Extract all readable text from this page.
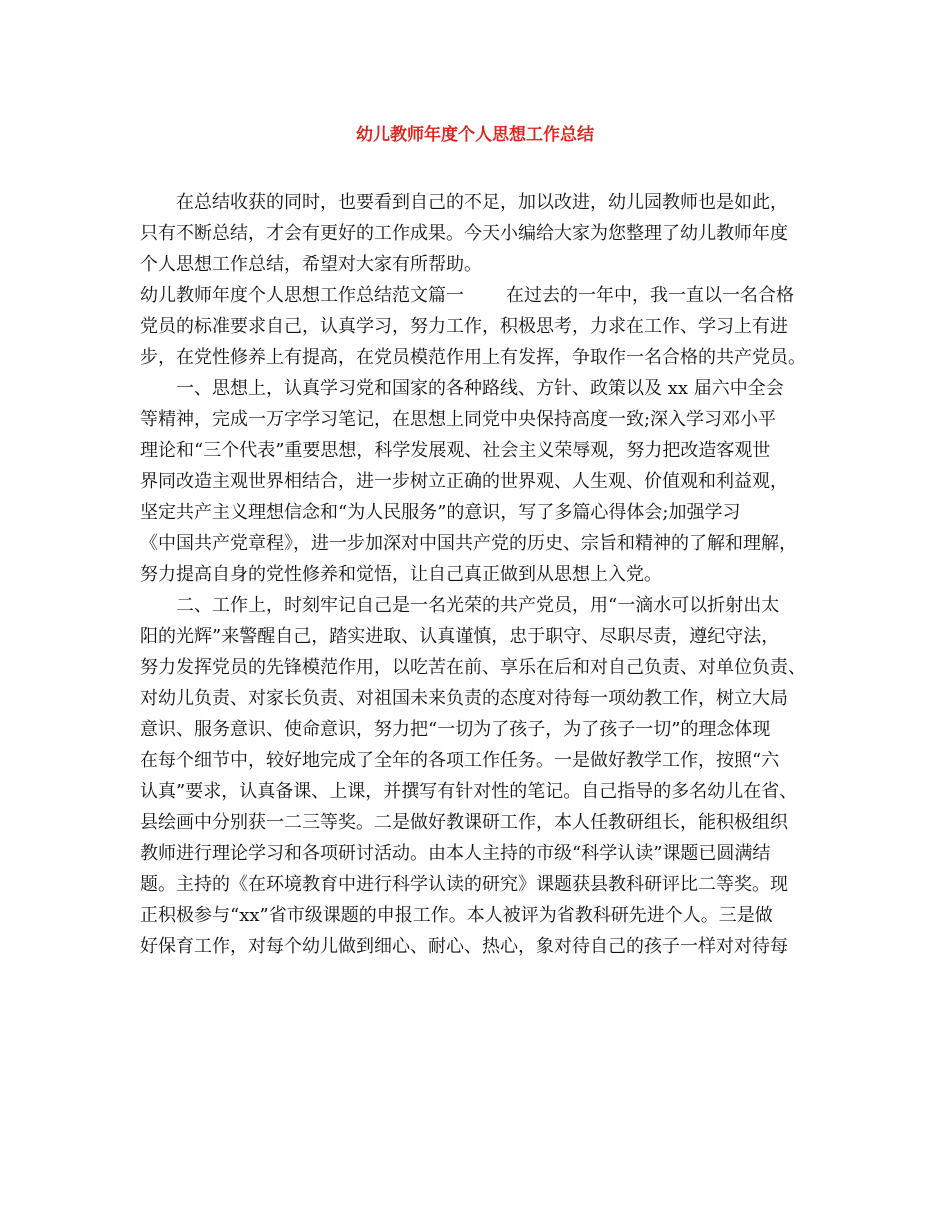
幼儿教师年度个人思想工作总结
在总结收获的同时，也要看到自己的不足，加以改进，幼儿园教师也是如此，
只有不断总结，才会有更好的工作成果。今天小编给大家为您整理了幼儿教师年度
个人思想工作总结，希望对大家有所帮助。
幼儿教师年度个人思想工作总结范文篇一 在过去的一年中，我一直以一名合格
党员的标准要求自己，认真学习，努力工作，积极思考，力求在工作、学习上有进
步，在党性修养上有提高，在党员模范作用上有发挥，争取作一名合格的共产党员。
一、思想上，认真学习党和国家的各种路线、方针、政策以及 xx 届六中全会
等精神，完成一万字学习笔记，在思想上同党中央保持高度一致;深入学习邓小平
理论和“三个代表”重要思想，科学发展观、社会主义荣辱观，努力把改造客观世
界同改造主观世界相结合，进一步树立正确的世界观、人生观、价值观和利益观，
坚定共产主义理想信念和“为人民服务”的意识，写了多篇心得体会;加强学习
《中国共产党章程》，进一步加深对中国共产党的历史、宗旨和精神的了解和理解，
努力提高自身的党性修养和觉悟，让自己真正做到从思想上入党。
二、工作上，时刻牢记自己是一名光荣的共产党员，用“一滴水可以折射出太
阳的光辉”来警醒自己，踏实进取、认真谨慎，忠于职守、尽职尽责，遵纪守法，
努力发挥党员的先锋模范作用，以吃苦在前、享乐在后和对自己负责、对单位负责、
对幼儿负责、对家长负责、对祖国未来负责的态度对待每一项幼教工作，树立大局
意识、服务意识、使命意识，努力把“一切为了孩子，为了孩子一切”的理念体现
在每个细节中，较好地完成了全年的各项工作任务。一是做好教学工作，按照“六
认真”要求，认真备课、上课，并撰写有针对性的笔记。自己指导的多名幼儿在省、
县绘画中分别获一二三等奖。二是做好教课研工作，本人任教研组长，能积极组织
教师进行理论学习和各项研讨活动。由本人主持的市级“科学认读”课题已圆满结
题。主持的《在环境教育中进行科学认读的研究》课题获县教科研评比二等奖。现
正积极参与“xx”省市级课题的申报工作。本人被评为省教科研先进个人。三是做
好保育工作，对每个幼儿做到细心、耐心、热心，象对待自己的孩子一样对对待每
